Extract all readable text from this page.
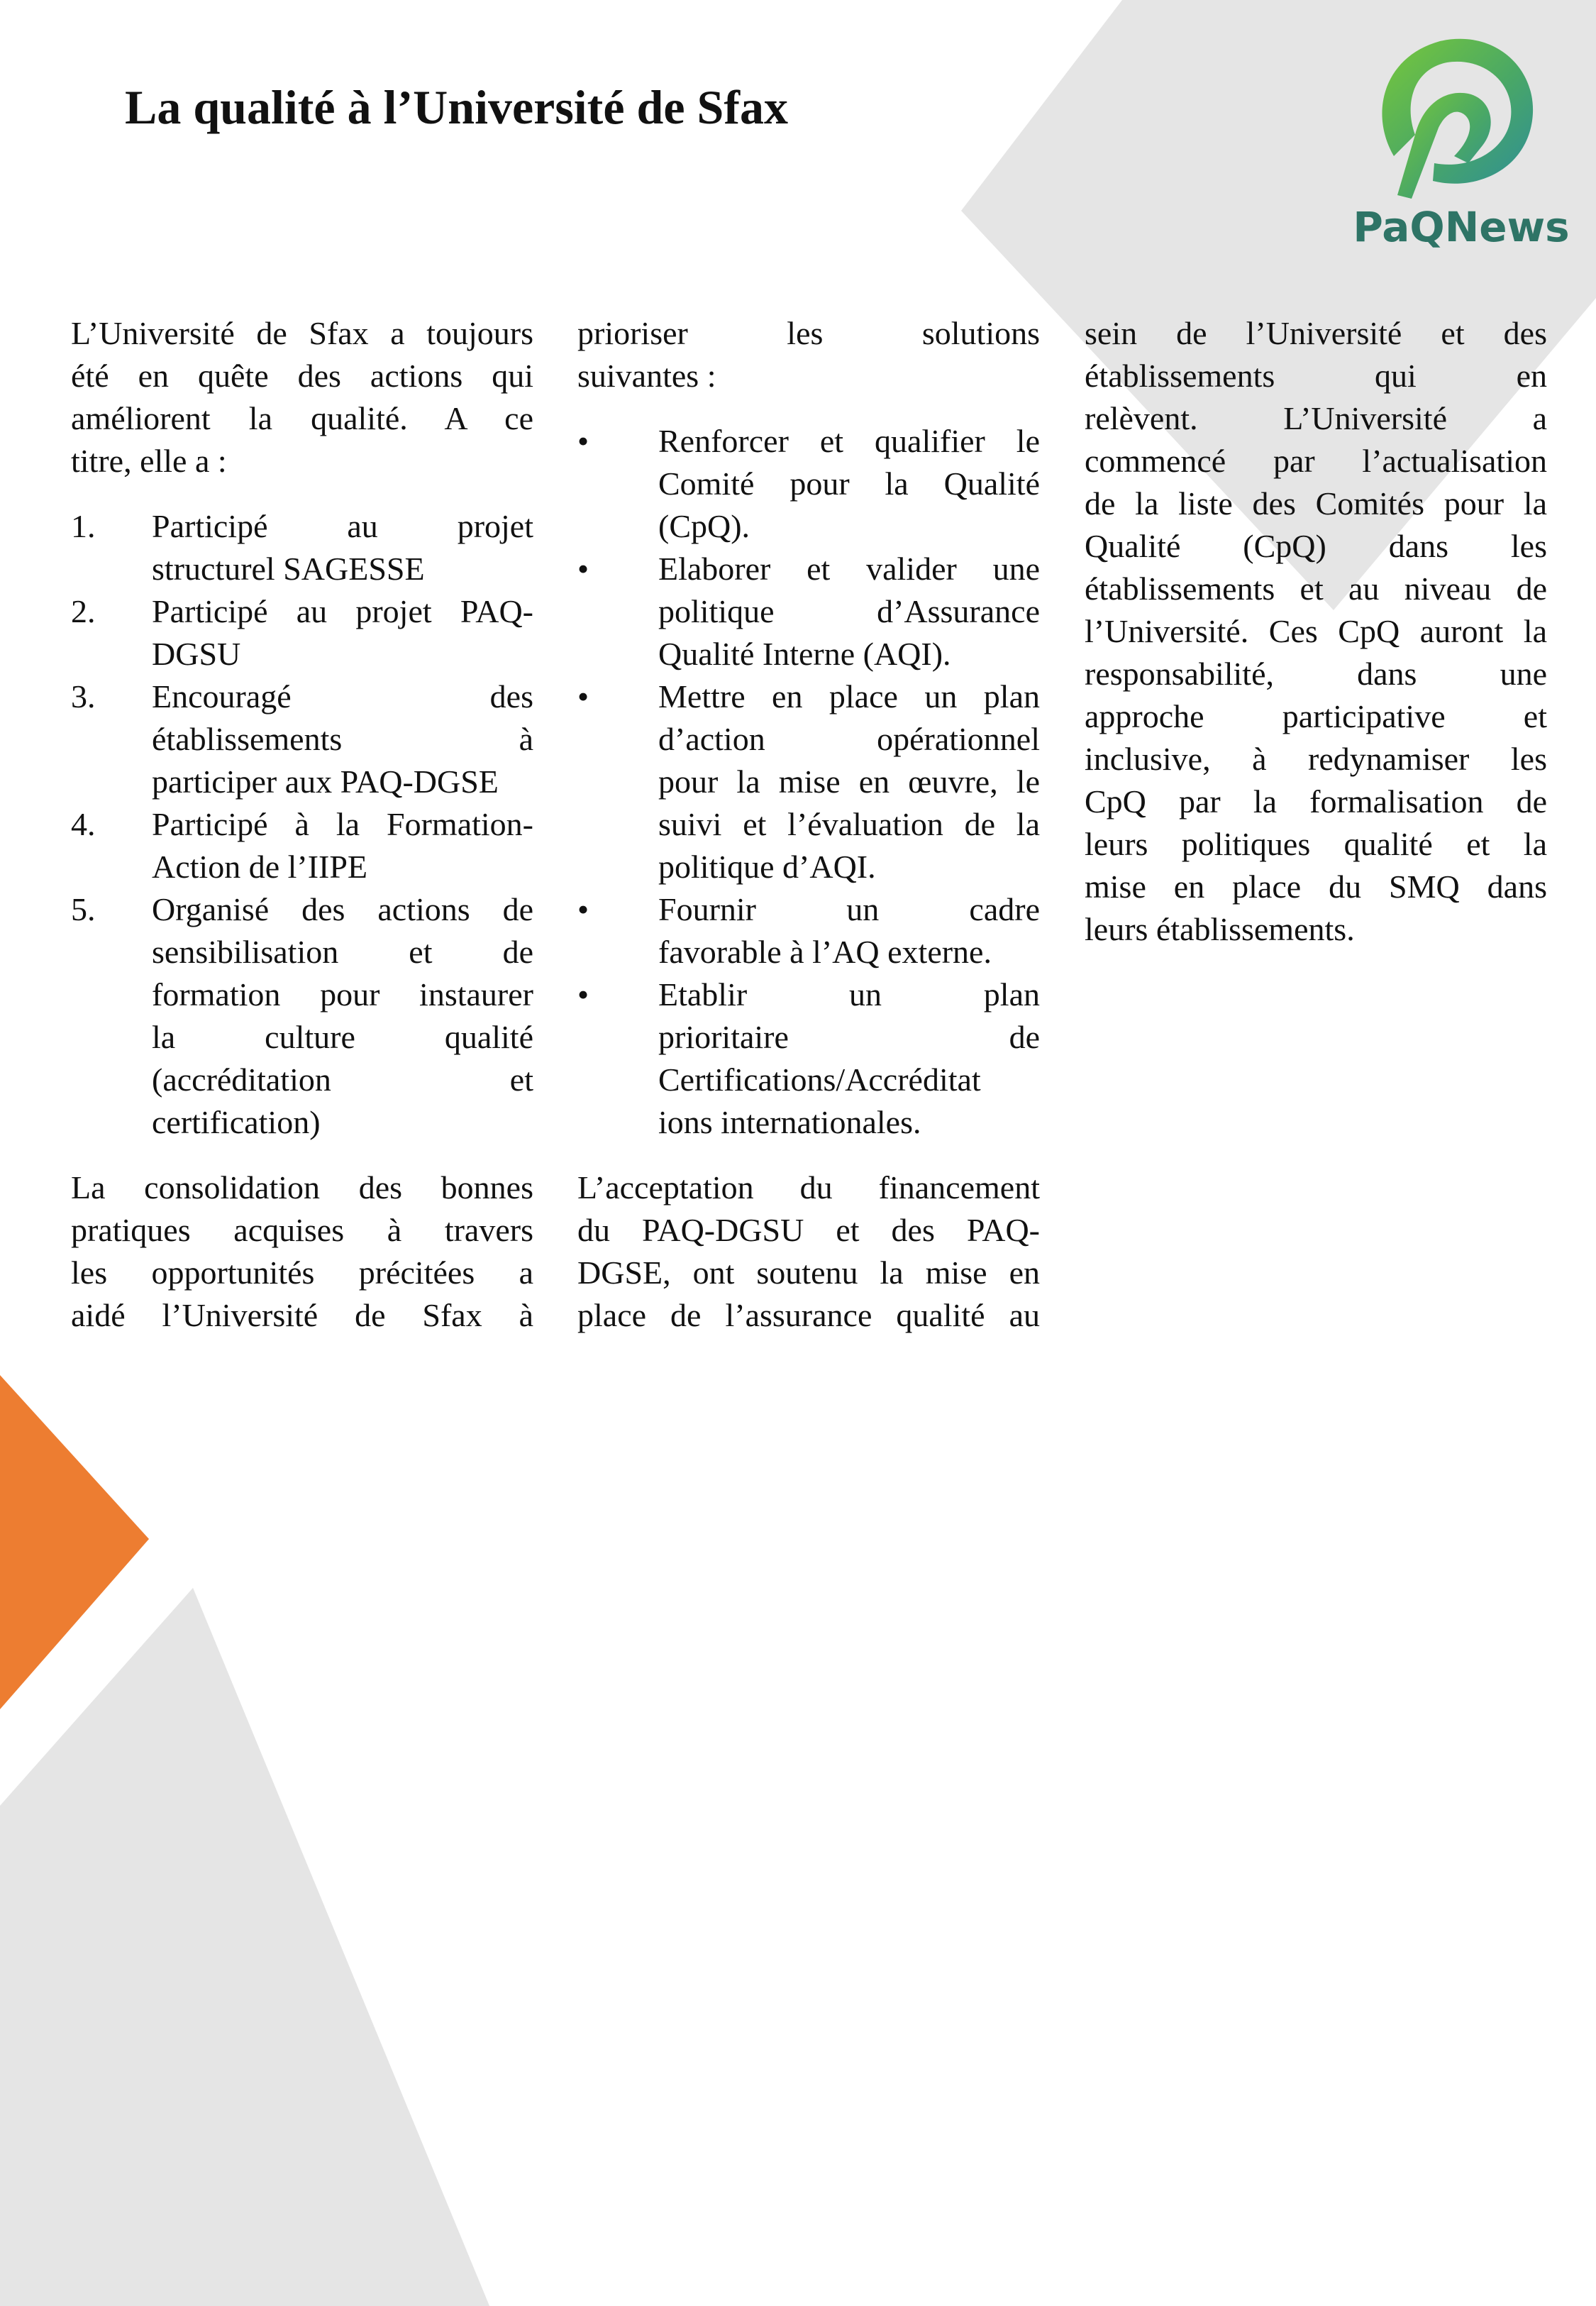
La qualité à l’Université de Sfax
PaQNews
L’Université de Sfax a toujours
été en quête des actions qui
améliorent la qualité. A ce
titre, elle a :
1. Participé au projet
structurel SAGESSE
2. Participé au projet PAQ-
DGSU
3. Encouragé des
établissements à
participer aux PAQ-DGSE
4. Participé à la Formation-
Action de l’IIPE
5. Organisé des actions de
sensibilisation et de
formation pour instaurer
la culture qualité
(accréditation et
certification)
La consolidation des bonnes
pratiques acquises à travers
les opportunités précitées a
aidé l’Université de Sfax à
prioriser les solutions
suivantes :
• Renforcer et qualifier le
Comité pour la Qualité
(CpQ).
• Elaborer et valider une
politique d’Assurance
Qualité Interne (AQI).
• Mettre en place un plan
d’action opérationnel
pour la mise en œuvre, le
suivi et l’évaluation de la
politique d’AQI.
• Fournir un cadre
favorable à l’AQ externe.
• Etablir un plan
prioritaire de
Certifications/Accréditat
ions internationales.
L’acceptation du financement
du PAQ-DGSU et des PAQ-
DGSE, ont soutenu la mise en
place de l’assurance qualité au
sein de l’Université et des
établissements qui en
relèvent. L’Université a
commencé par l’actualisation
de la liste des Comités pour la
Qualité (CpQ) dans les
établissements et au niveau de
l’Université. Ces CpQ auront la
responsabilité, dans une
approche participative et
inclusive, à redynamiser les
CpQ par la formalisation de
leurs politiques qualité et la
mise en place du SMQ dans
leurs établissements.
